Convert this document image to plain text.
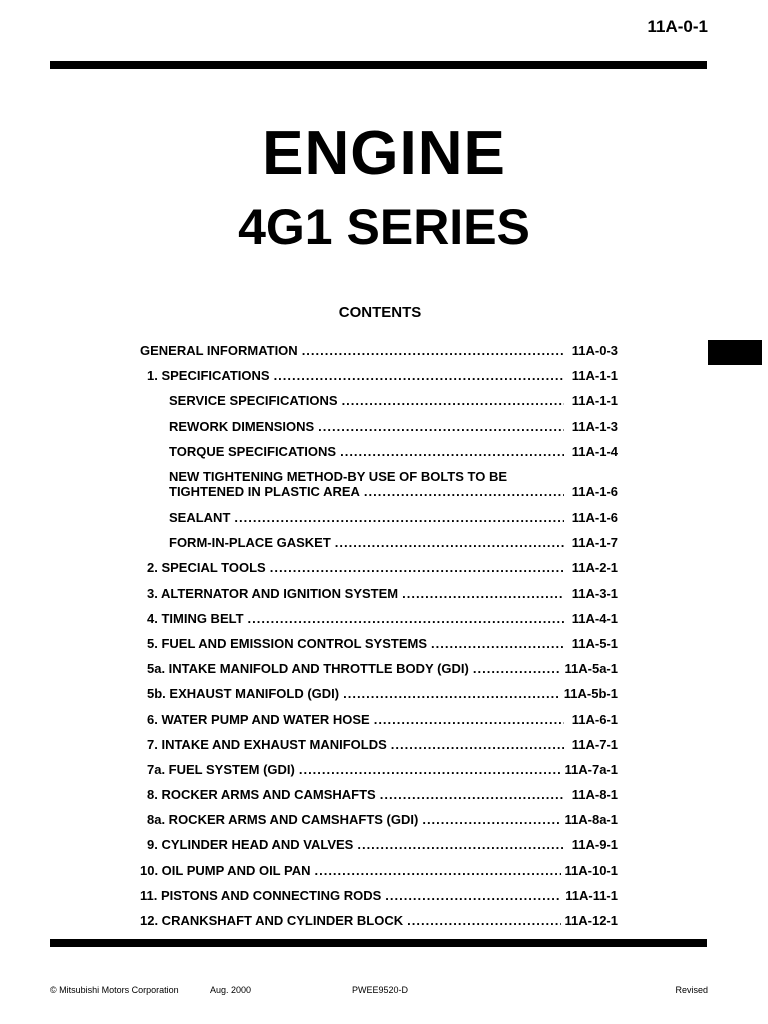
11A-0-1
ENGINE
4G1 SERIES
CONTENTS
GENERAL INFORMATION .....	11A-0-3
1. SPECIFICATIONS .....	11A-1-1
SERVICE SPECIFICATIONS .....	11A-1-1
REWORK DIMENSIONS .....	11A-1-3
TORQUE SPECIFICATIONS .....	11A-1-4
NEW TIGHTENING METHOD-BY USE OF BOLTS TO BE
TIGHTENED IN PLASTIC AREA .....	11A-1-6
SEALANT .....	11A-1-6
FORM-IN-PLACE GASKET .....	11A-1-7
2. SPECIAL TOOLS .....	11A-2-1
3. ALTERNATOR AND IGNITION SYSTEM .....	11A-3-1
4. TIMING BELT .....	11A-4-1
5. FUEL AND EMISSION CONTROL SYSTEMS .....	11A-5-1
5a. INTAKE MANIFOLD AND THROTTLE BODY (GDI) .....	11A-5a-1
5b. EXHAUST MANIFOLD (GDI) .....	11A-5b-1
6. WATER PUMP AND WATER HOSE .....	11A-6-1
7. INTAKE AND EXHAUST MANIFOLDS .....	11A-7-1
7a. FUEL SYSTEM (GDI) .....	11A-7a-1
8. ROCKER ARMS AND CAMSHAFTS .....	11A-8-1
8a. ROCKER ARMS AND CAMSHAFTS (GDI) .....	11A-8a-1
9. CYLINDER HEAD AND VALVES .....	11A-9-1
10. OIL PUMP AND OIL PAN .....	11A-10-1
11. PISTONS AND CONNECTING RODS .....	11A-11-1
12. CRANKSHAFT AND CYLINDER BLOCK .....	11A-12-1
© Mitsubishi Motors Corporation	Aug. 2000	PWEE9520-D	Revised
